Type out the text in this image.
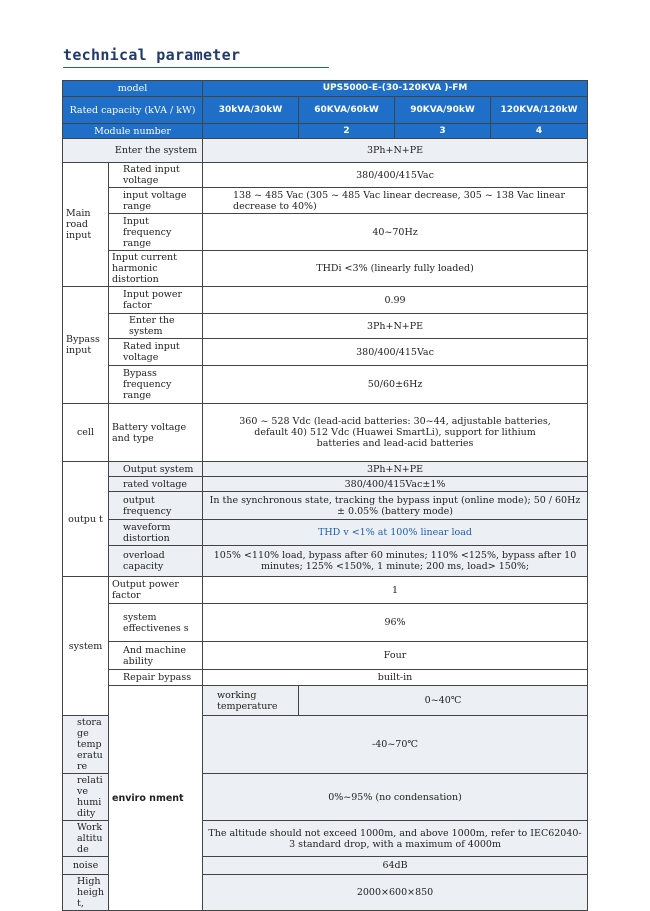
technical parameter
model		UPS5000-E-(30-120KVA )-FM			
Rated capacity (kVA / kW)		30kVA/30kW	60KVA/60kW	90KVA/90kW	120KVA/120kW
Module number			2	3	4
Enter the system		3Ph+N+PE			
Main road input	Rated input voltage	380/400/415Vac			
	input voltage range	138 ~ 485 Vac (305 ~ 485 Vac linear decrease, 305 ~ 138 Vac linear decrease to 40%)			
	Input frequency range	40~70Hz			
	Input current harmonic distortion	THDi <3% (linearly fully loaded)			
Bypass input	Input power factor	0.99			
	Enter the system	3Ph+N+PE			
	Rated input voltage	380/400/415Vac			
	Bypass frequency range	50/60±6Hz			
cell	Battery voltage and type	360 ~ 528 Vdc (lead-acid batteries: 30~44, adjustable batteries, default 40) 512 Vdc (Huawei SmartLi), support for lithium batteries and lead-acid batteries			
outpu t	Output system	3Ph+N+PE			
	rated voltage	380/400/415Vac±1%			
	output frequency	In the synchronous state, tracking the bypass input (online mode); 50 / 60Hz ± 0.05% (battery mode)			
	waveform distortion	THD v <1% at 100% linear load			
	overload capacity	105% <110% load, bypass after 60 minutes; 110% <125%, bypass after 10 minutes; 125% <150%, 1 minute; 200 ms, load> 150%;			
system	Output power factor	1			
	system effectivenes s	96%			
	And machine ability	Four			
	Repair bypass	built-in			
	enviro nment	working temperature	0~40℃		
storage temperature		-40~70℃			
relative humidity		0%~95% (no condensation)			
Work altitude		The altitude should not exceed 1000m, and above 1000m, refer to IEC62040-3 standard drop, with a maximum of 4000m			
noise		64dB			
High height,		2000×600×850			
